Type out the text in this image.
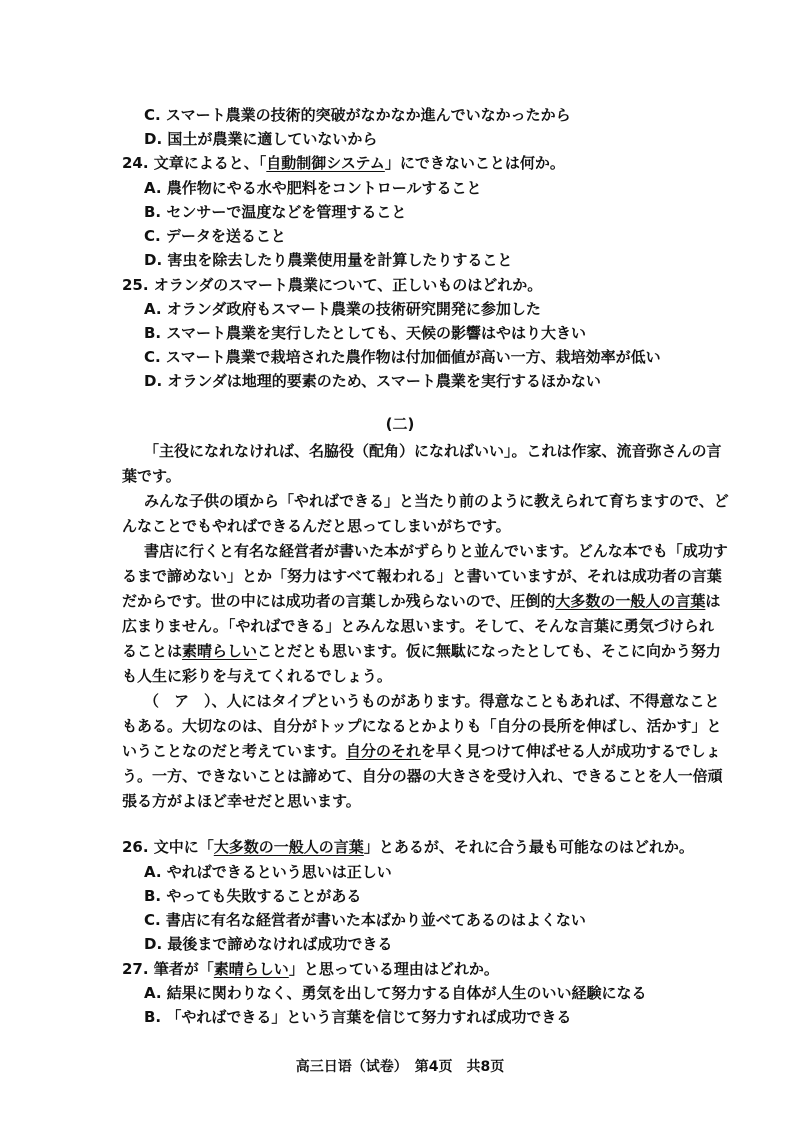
C. スマート農業の技術的突破がなかなか進んでいなかったから
D. 国土が農業に適していないから
24. 文章によると、「自動制御システム」にできないことは何か。
A. 農作物にやる水や肥料をコントロールすること
B. センサーで温度などを管理すること
C. データを送ること
D. 害虫を除去したり農業使用量を計算したりすること
25. オランダのスマート農業について、正しいものはどれか。
A. オランダ政府もスマート農業の技術研究開発に参加した
B. スマート農業を実行したとしても、天候の影響はやはり大きい
C. スマート農業で栽培された農作物は付加価値が高い一方、栽培効率が低い
D. オランダは地理的要素のため、スマート農業を実行するほかない
(二)
「主役になれなければ、名脇役（配角）になればいい」。これは作家、流音弥さんの言
葉です。
みんな子供の頃から「やればできる」と当たり前のように教えられて育ちますので、ど
んなことでもやればできるんだと思ってしまいがちです。
書店に行くと有名な経営者が書いた本がずらりと並んでいます。どんな本でも「成功す
るまで諦めない」とか「努力はすべて報われる」と書いていますが、それは成功者の言葉
だからです。世の中には成功者の言葉しか残らないので、圧倒的大多数の一般人の言葉は
広まりません。「やればできる」とみんな思います。そして、そんな言葉に勇気づけられ
ることは素晴らしいことだとも思います。仮に無駄になったとしても、そこに向かう努力
も人生に彩りを与えてくれるでしょう。
（　ア　）、人にはタイプというものがあります。得意なこともあれば、不得意なこと
もある。大切なのは、自分がトップになるとかよりも「自分の長所を伸ばし、活かす」と
いうことなのだと考えています。自分のそれを早く見つけて伸ばせる人が成功するでしょ
う。一方、できないことは諦めて、自分の器の大きさを受け入れ、できることを人一倍頑
張る方がよほど幸せだと思います。
26. 文中に「大多数の一般人の言葉」とあるが、それに合う最も可能なのはどれか。
A. やればできるという思いは正しい
B. やっても失敗することがある
C. 書店に有名な経営者が書いた本ばかり並べてあるのはよくない
D. 最後まで諦めなければ成功できる
27. 筆者が「素晴らしい」と思っている理由はどれか。
A. 結果に関わりなく、勇気を出して努力する自体が人生のいい経験になる
B. 「やればできる」という言葉を信じて努力すれば成功できる
高三日语（试卷）　第4页　共8页
